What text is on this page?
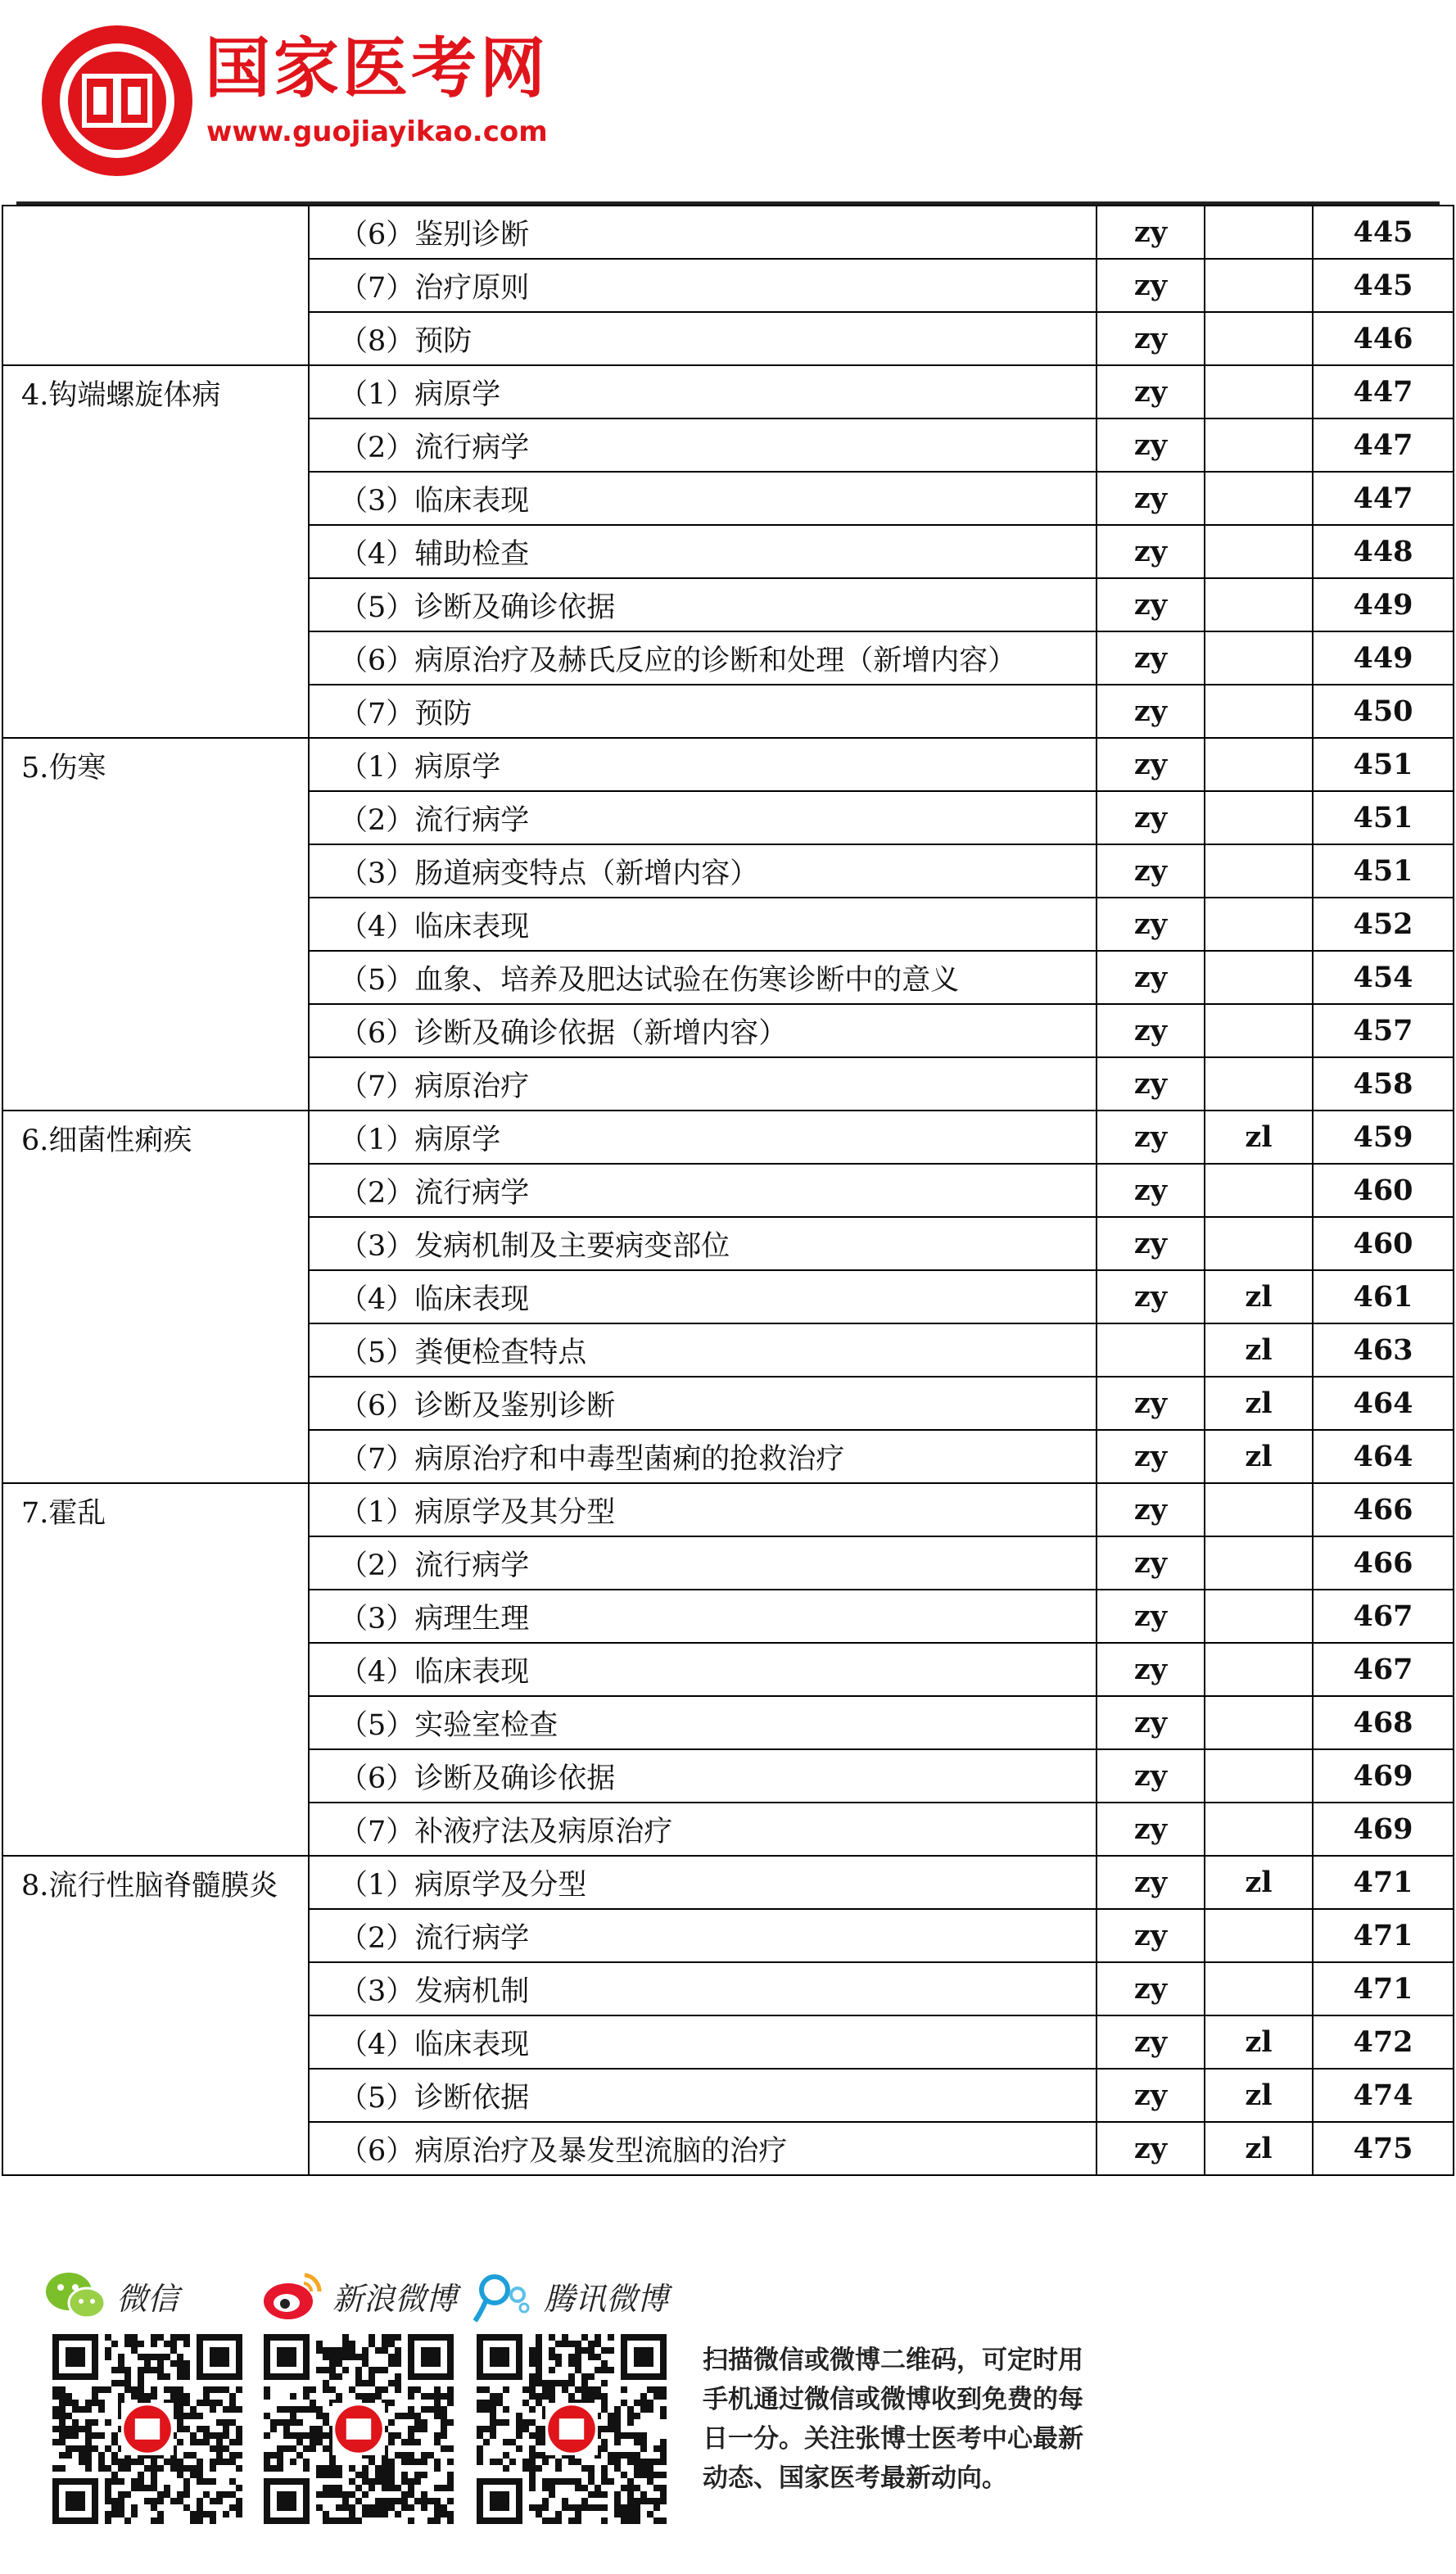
国家医考网
www.guojiayikao.com
	（6）鉴别诊断	zy		445
	（7）治疗原则	zy		445
	（8）预防	zy		446
4.钩端螺旋体病	（1）病原学	zy		447
	（2）流行病学	zy		447
	（3）临床表现	zy		447
	（4）辅助检查	zy		448
	（5）诊断及确诊依据	zy		449
	（6）病原治疗及赫氏反应的诊断和处理（新增内容）	zy		449
	（7）预防	zy		450
5.伤寒	（1）病原学	zy		451
	（2）流行病学	zy		451
	（3）肠道病变特点（新增内容）	zy		451
	（4）临床表现	zy		452
	（5）血象、培养及肥达试验在伤寒诊断中的意义	zy		454
	（6）诊断及确诊依据（新增内容）	zy		457
	（7）病原治疗	zy		458
6.细菌性痢疾	（1）病原学	zy	zl	459
	（2）流行病学	zy		460
	（3）发病机制及主要病变部位	zy		460
	（4）临床表现	zy	zl	461
	（5）粪便检查特点		zl	463
	（6）诊断及鉴别诊断	zy	zl	464
	（7）病原治疗和中毒型菌痢的抢救治疗	zy	zl	464
7.霍乱	（1）病原学及其分型	zy		466
	（2）流行病学	zy		466
	（3）病理生理	zy		467
	（4）临床表现	zy		467
	（5）实验室检查	zy		468
	（6）诊断及确诊依据	zy		469
	（7）补液疗法及病原治疗	zy		469
8.流行性脑脊髓膜炎	（1）病原学及分型	zy	zl	471
	（2）流行病学	zy		471
	（3）发病机制	zy		471
	（4）临床表现	zy	zl	472
	（5）诊断依据	zy	zl	474
	（6）病原治疗及暴发型流脑的治疗	zy	zl	475
微信	新浪微博	腾讯微博
扫描微信或微博二维码，可定时用
手机通过微信或微博收到免费的每
日一分。关注张博士医考中心最新
动态、国家医考最新动向。
